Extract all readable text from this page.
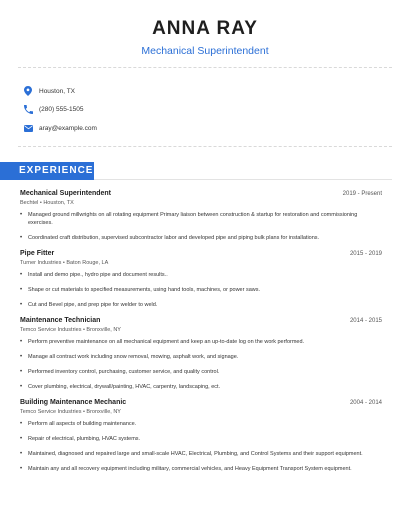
ANNA RAY
Mechanical Superintendent
Houston, TX
(280) 555-1505
aray@example.com
EXPERIENCE
Mechanical Superintendent	2019 - Present
Bechtel • Houston, TX
• Managed ground millwrights on all rotating equipment Primary liaison between construction & startup for restoration and commissioning exercises.
• Coordinated craft distribution, supervised subcontractor labor and developed pipe and piping bulk plans for installations.
Pipe Fitter	2015 - 2019
Turner Industries • Baton Rouge, LA
• Install and demo pipe., hydro pipe and document results..
• Shape or cut materials to specified measurements, using hand tools, machines, or power saws.
• Cut and Bevel pipe, and prep pipe for welder to weld.
Maintenance Technician	2014 - 2015
Temco Service Industries • Bronxville, NY
• Perform preventive maintenance on all mechanical equipment and keep an up-to-date log on the work performed.
• Manage all contract work including snow removal, mowing, asphalt work, and signage.
• Performed inventory control, purchasing, customer service, and quality control.
• Cover plumbing, electrical, drywall/painting, HVAC, carpentry, landscaping, ect.
Building Maintenance Mechanic	2004 - 2014
Temco Service Industries • Bronxville, NY
• Perform all aspects of building maintenance.
• Repair of electrical, plumbing, HVAC systems.
• Maintained, diagnosed and repaired large and small-scale HVAC, Electrical, Plumbing, and Control Systems and their support equipment.
• Maintain any and all recovery equipment including military, commercial vehicles, and Heavy Equipment Transport System equipment.
